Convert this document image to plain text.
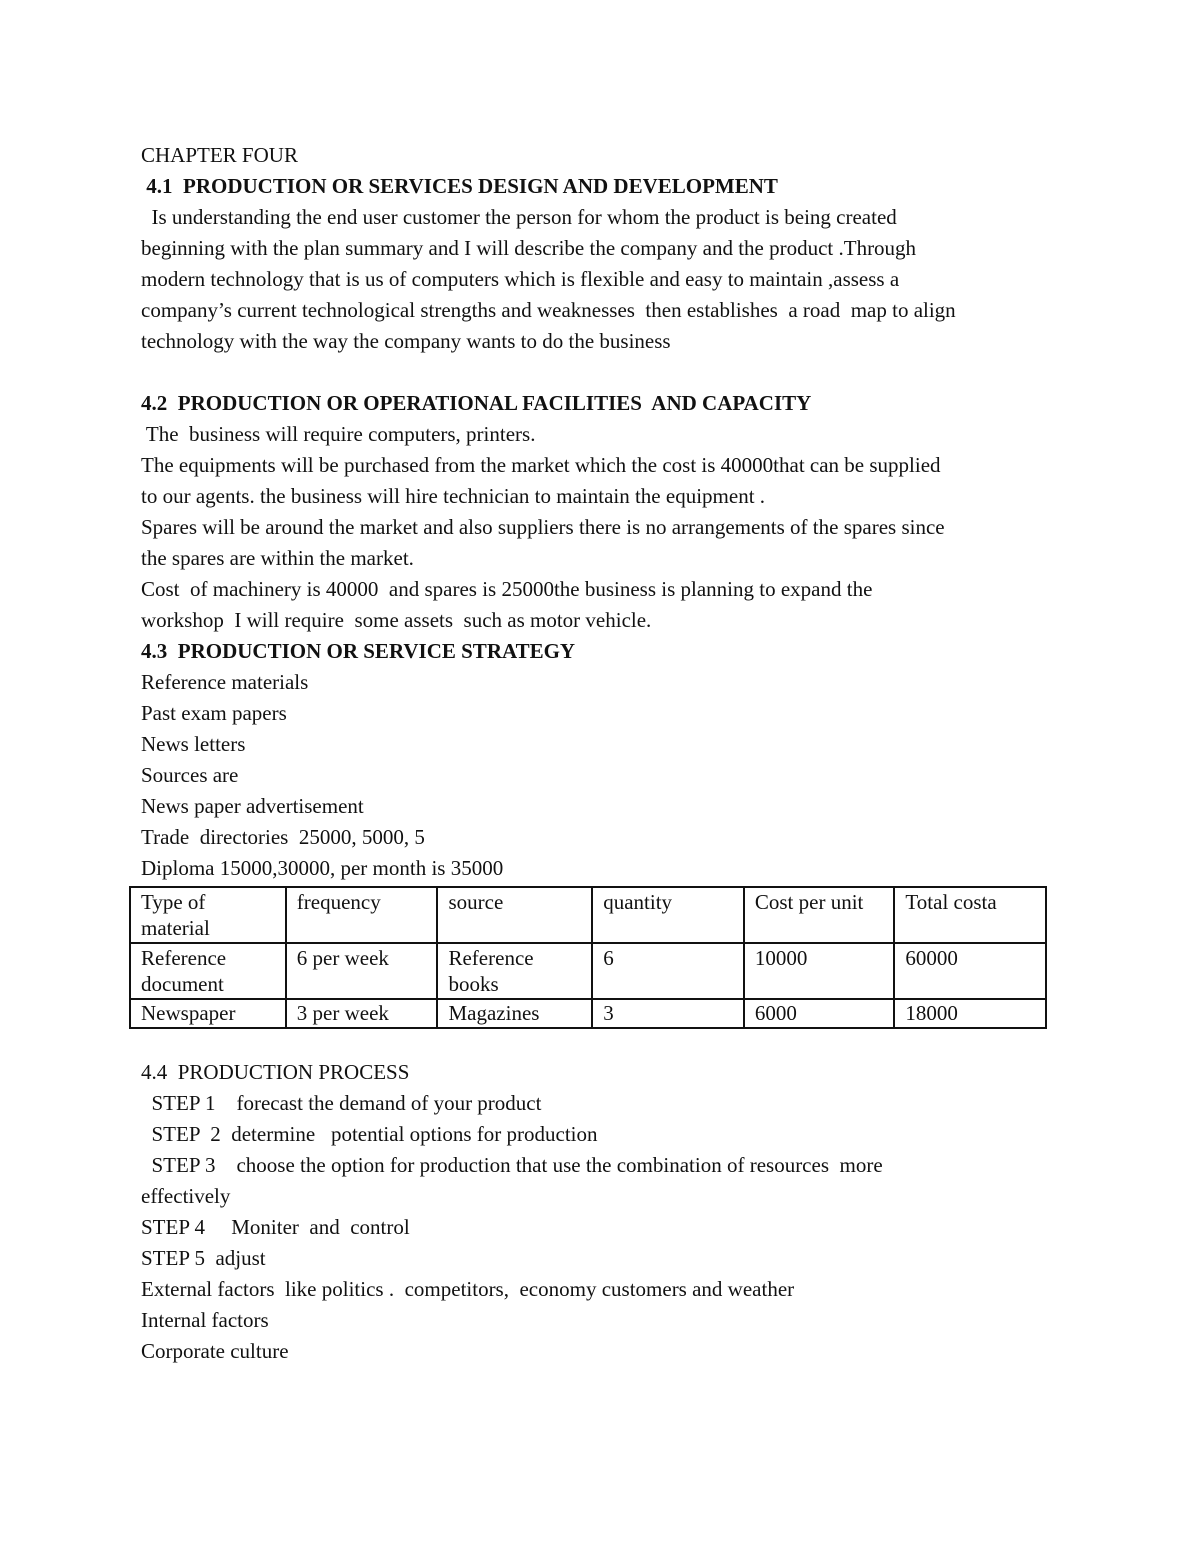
CHAPTER FOUR
4.1  PRODUCTION OR SERVICES DESIGN AND DEVELOPMENT
Is understanding the end user customer the person for whom the product is being created
beginning with the plan summary and I will describe the company and the product .Through
modern technology that is us of computers which is flexible and easy to maintain ,assess a
company’s current technological strengths and weaknesses  then establishes  a road  map to align
technology with the way the company wants to do the business
4.2  PRODUCTION OR OPERATIONAL FACILITIES  AND CAPACITY
The  business will require computers, printers.
The equipments will be purchased from the market which the cost is 40000that can be supplied
to our agents. the business will hire technician to maintain the equipment .
Spares will be around the market and also suppliers there is no arrangements of the spares since
the spares are within the market.
Cost  of machinery is 40000  and spares is 25000the business is planning to expand the
workshop  I will require  some assets  such as motor vehicle.
4.3  PRODUCTION OR SERVICE STRATEGY
Reference materials
Past exam papers
News letters
Sources are
News paper advertisement
Trade  directories  25000, 5000, 5
Diploma 15000,30000, per month is 35000
Type of material	frequency	source	quantity	Cost per unit	Total costa
Reference document	6 per week	Reference books	6	10000	60000
Newspaper	3 per week	Magazines	3	6000	18000
4.4  PRODUCTION PROCESS
STEP 1    forecast the demand of your product
STEP  2  determine   potential options for production
STEP 3    choose the option for production that use the combination of resources  more
effectively
STEP 4     Moniter  and  control
STEP 5  adjust
External factors  like politics .  competitors,  economy customers and weather
Internal factors
Corporate culture
